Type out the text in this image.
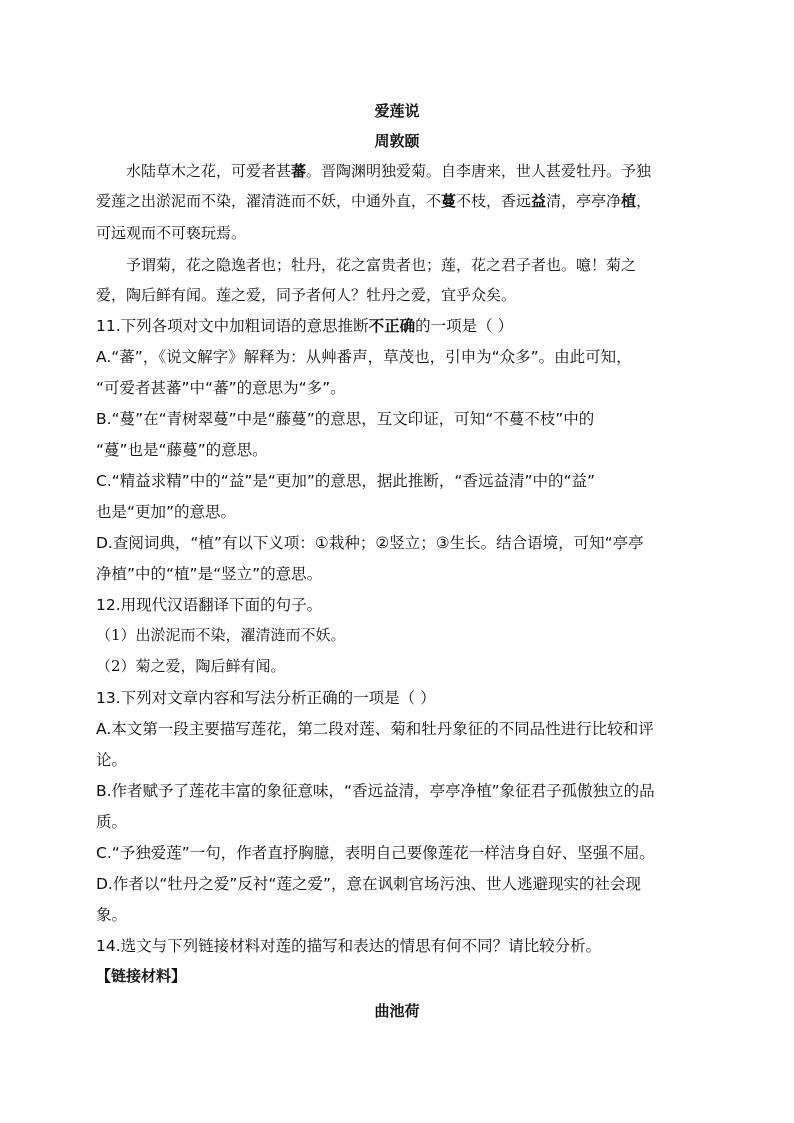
爱莲说
周敦颐
水陆草木之花，可爱者甚蕃。晋陶渊明独爱菊。自李唐来，世人甚爱牡丹。予独
爱莲之出淤泥而不染，濯清涟而不妖，中通外直，不蔓不枝，香远益清，亭亭净植，
可远观而不可亵玩焉。
予谓菊，花之隐逸者也；牡丹，花之富贵者也；莲，花之君子者也。噫！菊之
爱，陶后鲜有闻。莲之爱，同予者何人？牡丹之爱，宜乎众矣。
11.下列各项对文中加粗词语的意思推断不正确的一项是（ ）
A.“蕃”，《说文解字》解释为：从艸番声，草茂也，引申为“众多”。由此可知，
“可爱者甚蕃”中“蕃”的意思为“多”。
B.“蔓”在“青树翠蔓”中是“藤蔓”的意思，互文印证，可知“不蔓不枝”中的
“蔓”也是“藤蔓”的意思。
C.“精益求精”中的“益”是“更加”的意思，据此推断，“香远益清”中的“益”
也是“更加”的意思。
D.查阅词典，“植”有以下义项：①栽种；②竖立；③生长。结合语境，可知“亭亭
净植”中的“植”是“竖立”的意思。
12.用现代汉语翻译下面的句子。
（1）出淤泥而不染，濯清涟而不妖。
（2）菊之爱，陶后鲜有闻。
13.下列对文章内容和写法分析正确的一项是（ ）
A.本文第一段主要描写莲花，第二段对莲、菊和牡丹象征的不同品性进行比较和评
论。
B.作者赋予了莲花丰富的象征意味，“香远益清，亭亭净植”象征君子孤傲独立的品
质。
C.“予独爱莲”一句，作者直抒胸臆，表明自己要像莲花一样洁身自好、坚强不屈。
D.作者以“牡丹之爱”反衬“莲之爱”，意在讽刺官场污浊、世人逃避现实的社会现
象。
14.选文与下列链接材料对莲的描写和表达的情思有何不同？请比较分析。
【链接材料】
曲池荷
